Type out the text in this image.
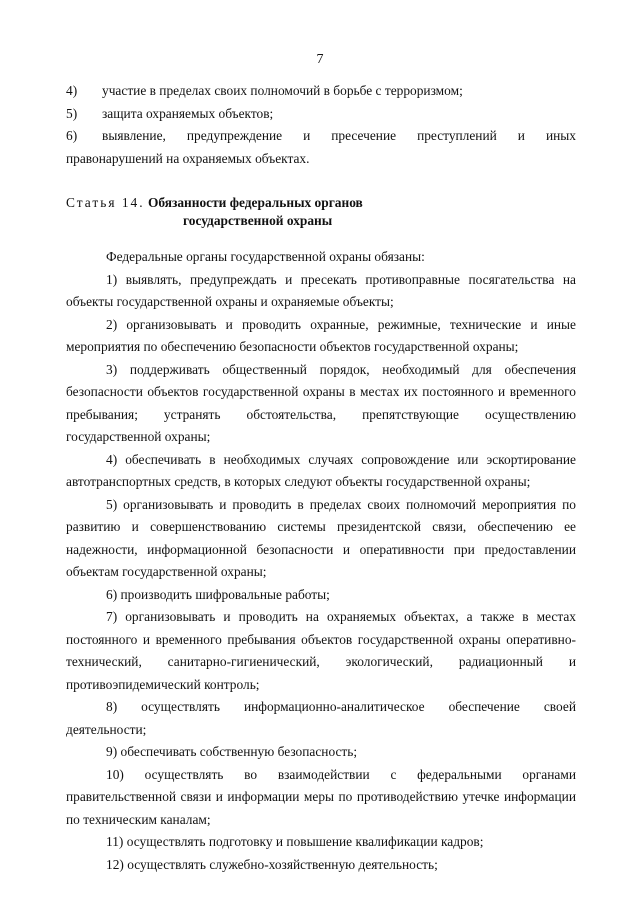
7
4)	участие в пределах своих полномочий в борьбе с терроризмом;
5)	защита охраняемых объектов;
6)	выявление, предупреждение и пресечение преступлений и иных

правонарушений на охраняемых объектах.

Статья 14. Обязанности федеральных органов
государственной охраны

Федеральные органы государственной охраны обязаны:

1) выявлять, предупреждать и пресекать противоправные посягательства на объекты государственной охраны и охраняемые объекты;

2) организовывать и проводить охранные, режимные, технические и иные мероприятия по обеспечению безопасности объектов государственной охраны;

3) поддерживать общественный порядок, необходимый для обеспечения безопасности объектов государственной охраны в местах их постоянного и временного пребывания; устранять обстоятельства, препятствующие осуществлению государственной охраны;

4) обеспечивать в необходимых случаях сопровождение или эскортирование автотранспортных средств, в которых следуют объекты государственной охраны;

5) организовывать и проводить в пределах своих полномочий мероприятия по развитию и совершенствованию системы президентской связи, обеспечению ее надежности, информационной безопасности и оперативности при предоставлении объектам государственной охраны;

6) производить шифровальные работы;

7) организовывать и проводить на охраняемых объектах, а также в местах постоянного и временного пребывания объектов государственной охраны оперативно-технический, санитарно-гигиенический, экологический, радиационный и противоэпидемический контроль;

8) осуществлять информационно-аналитическое обеспечение своей деятельности;

9) обеспечивать собственную безопасность;

10) осуществлять во взаимодействии с федеральными органами правительственной связи и информации меры по противодействию утечке информации по техническим каналам;

11) осуществлять подготовку и повышение квалификации кадров;

12) осуществлять служебно-хозяйственную деятельность;
